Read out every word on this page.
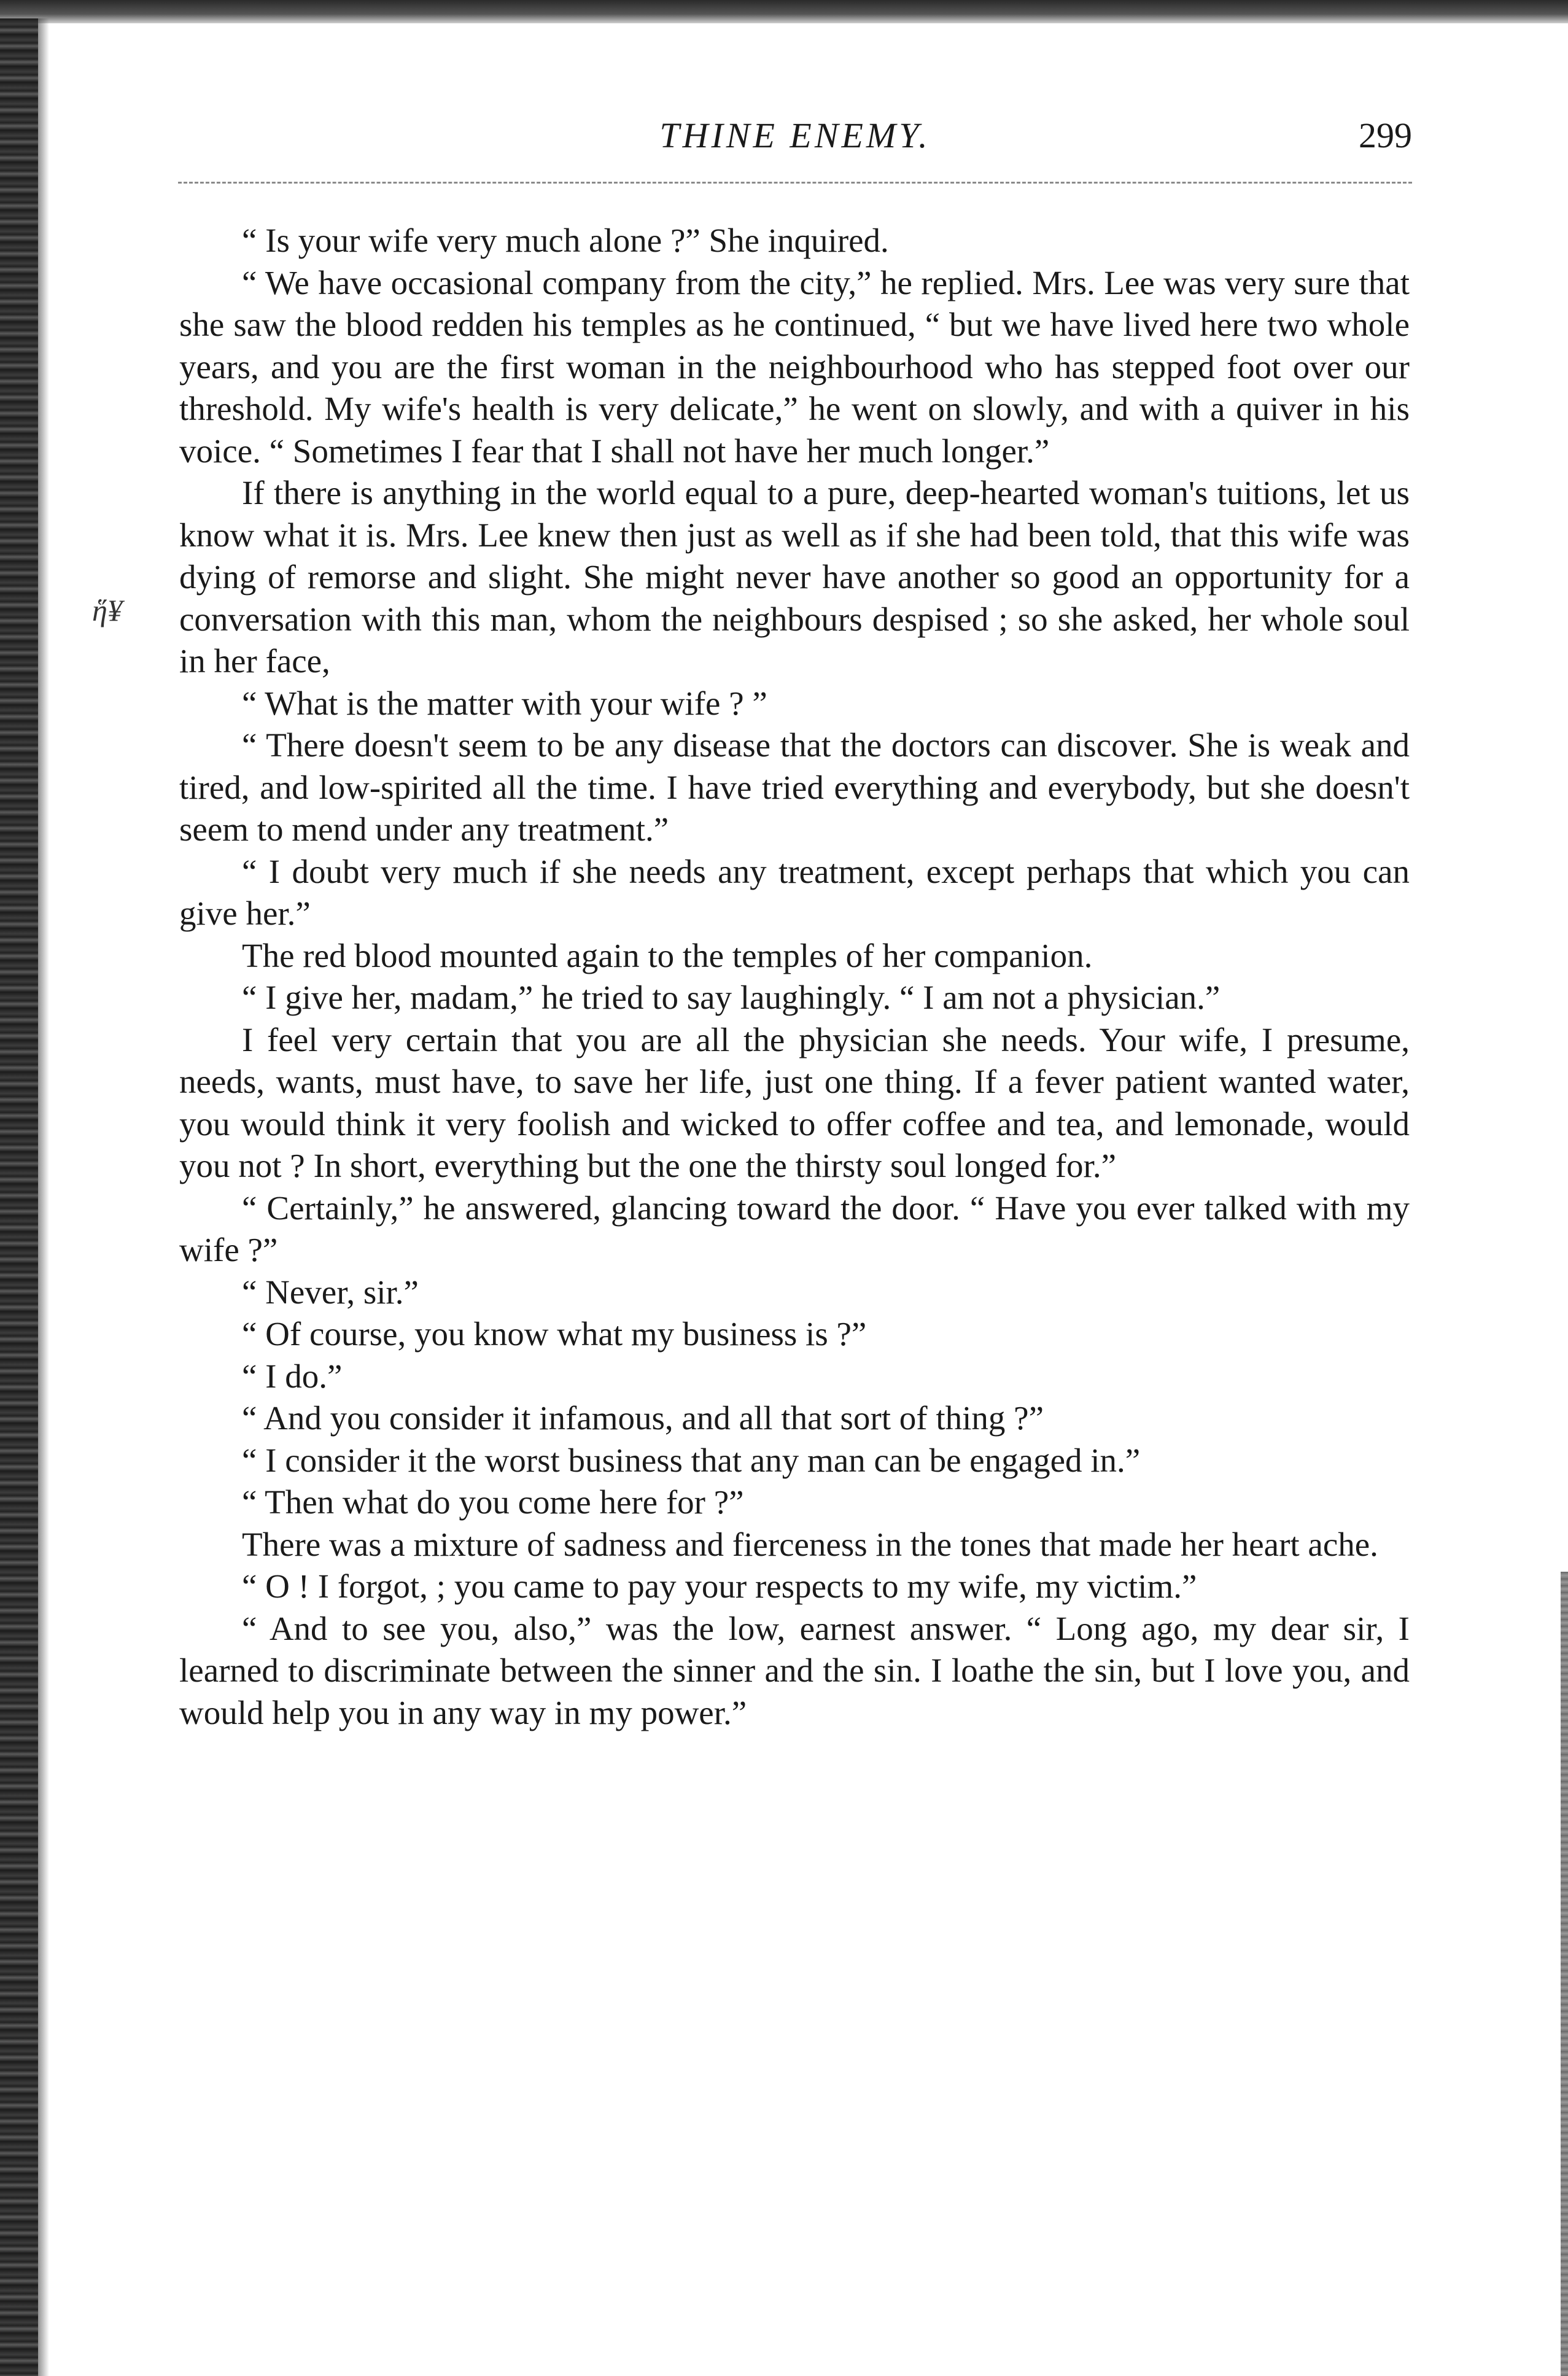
ἥ¥
THINE ENEMY.	299

“ Is your wife very much alone ?” She inquired.

“ We have occasional company from the city,” he replied. Mrs. Lee was very sure that she saw the blood redden his temples as he continued, “ but we have lived here two whole years, and you are the first woman in the neighbourhood who has stepped foot over our threshold. My wife's health is very delicate,” he went on slowly, and with a quiver in his voice. “ Sometimes I fear that I shall not have her much longer.”

If there is anything in the world equal to a pure, deep-hearted woman's tuitions, let us know what it is. Mrs. Lee knew then just as well as if she had been told, that this wife was dying of remorse and slight. She might never have another so good an opportunity for a conversation with this man, whom the neighbours despised ; so she asked, her whole soul in her face,

“ What is the matter with your wife ? ”

“ There doesn't seem to be any disease that the doctors can discover. She is weak and tired, and low-spirited all the time. I have tried everything and everybody, but she doesn't seem to mend under any treatment.”

“ I doubt very much if she needs any treatment, except perhaps that which you can give her.”

The red blood mounted again to the temples of her companion.

“ I give her, madam,” he tried to say laughingly. “ I am not a physician.”

I feel very certain that you are all the physician she needs. Your wife, I presume, needs, wants, must have, to save her life, just one thing. If a fever patient wanted water, you would think it very foolish and wicked to offer coffee and tea, and lemonade, would you not ? In short, everything but the one the thirsty soul longed for.”

“ Certainly,” he answered, glancing toward the door. “ Have you ever talked with my wife ?”

“ Never, sir.”

“ Of course, you know what my business is ?”

“ I do.”

“ And you consider it infamous, and all that sort of thing ?”

“ I consider it the worst business that any man can be engaged in.”

“ Then what do you come here for ?”

There was a mixture of sadness and fierceness in the tones that made her heart ache.

“ O ! I forgot, ; you came to pay your respects to my wife, my victim.”

“ And to see you, also,” was the low, earnest answer. “ Long ago, my dear sir, I learned to discriminate between the sinner and the sin. I loathe the sin, but I love you, and would help you in any way in my power.”
